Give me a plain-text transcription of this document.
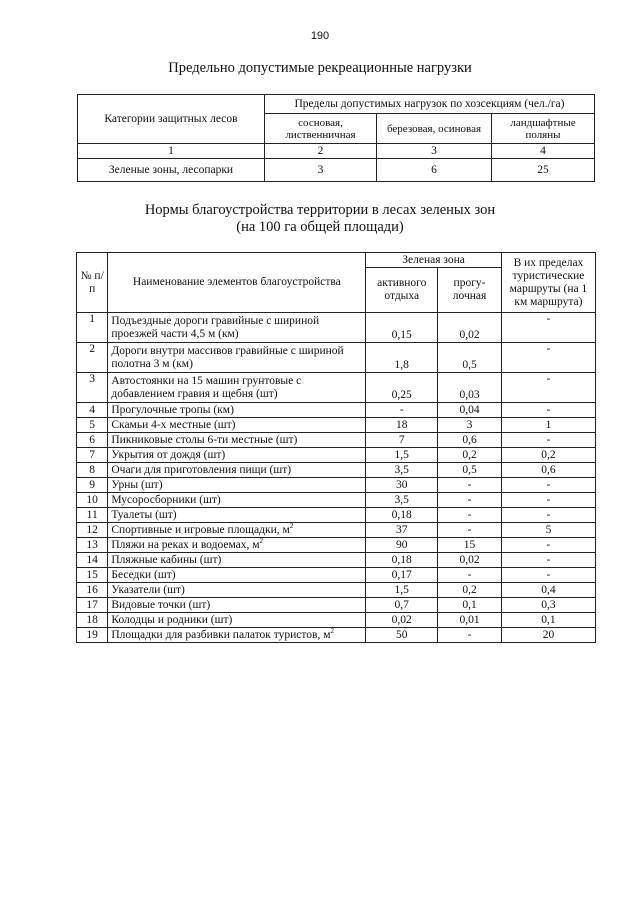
190
Предельно допустимые рекреационные нагрузки
Категории защитных лесов	Пределы допустимых нагрузок по хозсекциям (чел./га)		
	сосновая, лиственничная	березовая, осиновая	ландшафтные поляны
1	2	3	4
Зеленые зоны, лесопарки	3	6	25
Нормы благоустройства территории в лесах зеленых зон
(на 100 га общей площади)
№ п/п	Наименование элементов благоустройства	Зеленая зона		В их пределах туристические маршруты (на 1 км маршрута)
		активного отдыха	прогу-лочная	
1	Подъездные дороги гравийные с шириной проезжей части 4,5 м (км)	0,15	0,02	-
2	Дороги внутри массивов гравийные с шириной полотна 3 м (км)	1,8	0,5	-
3	Автостоянки на 15 машин грунтовые с добавлением гравия и щебня (шт)	0,25	0,03	-
4	Прогулочные тропы (км)	-	0,04	-
5	Скамьи 4-х местные (шт)	18	3	1
6	Пикниковые столы 6-ти местные (шт)	7	0,6	-
7	Укрытия от дождя (шт)	1,5	0,2	0,2
8	Очаги для приготовления пищи (шт)	3,5	0,5	0,6
9	Урны (шт)	30	-	-
10	Мусоросборники (шт)	3,5	-	-
11	Туалеты (шт)	0,18	-	-
12	Спортивные и игровые площадки, $м^2$	37	-	5
13	Пляжи на реках и водоемах, $м^2$	90	15	-
14	Пляжные кабины (шт)	0,18	0,02	-
15	Беседки (шт)	0,17	-	-
16	Указатели (шт)	1,5	0,2	0,4
17	Видовые точки (шт)	0,7	0,1	0,3
18	Колодцы и родники (шт)	0,02	0,01	0,1
19	Площадки для разбивки палаток туристов, $м^2$	50	-	20
